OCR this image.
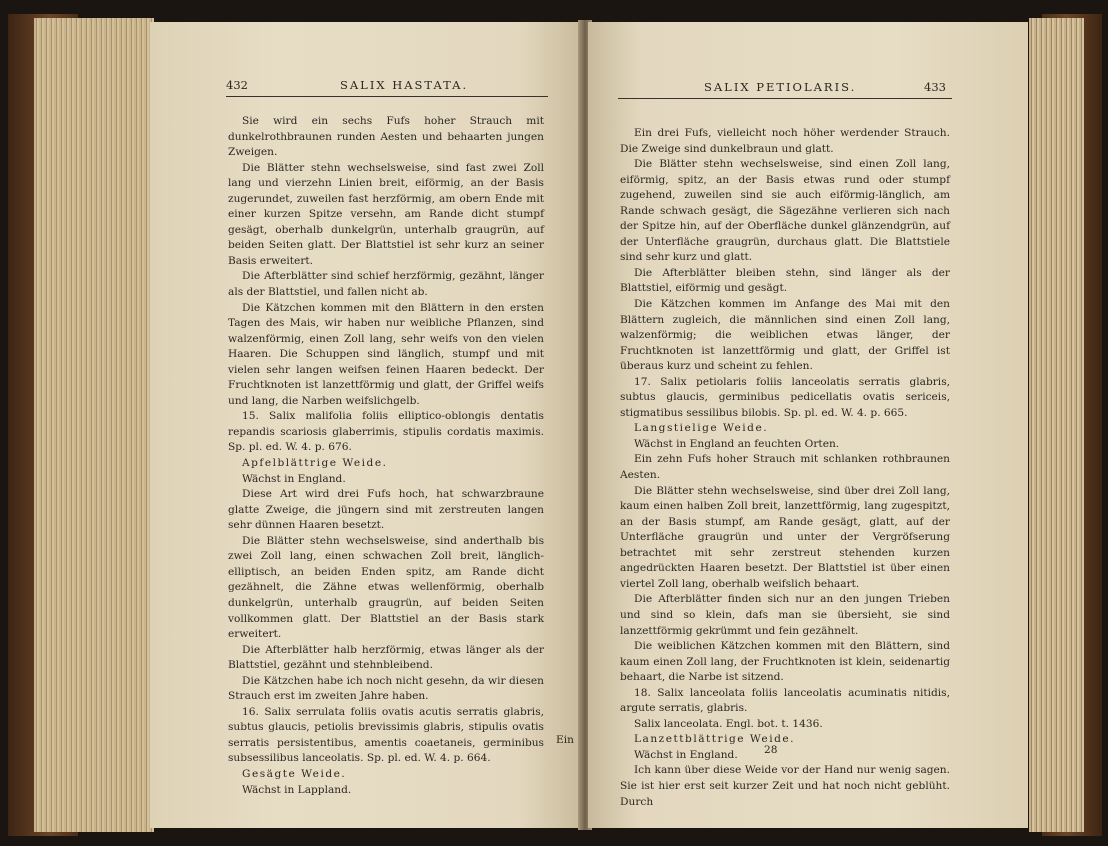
432	SALIX HASTATA.

Sie wird ein sechs Fufs hoher Strauch mit dunkelrothbraunen runden Aesten und behaarten jungen Zweigen.

Die Blätter stehn wechselsweise, sind fast zwei Zoll lang und vierzehn Linien breit, eiförmig, an der Basis zugerundet, zuweilen fast herzförmig, am obern Ende mit einer kurzen Spitze versehn, am Rande dicht stumpf gesägt, oberhalb dunkelgrün, unterhalb graugrün, auf beiden Seiten glatt. Der Blattstiel ist sehr kurz an seiner Basis erweitert.

Die Afterblätter sind schief herzförmig, gezähnt, länger als der Blattstiel, und fallen nicht ab.

Die Kätzchen kommen mit den Blättern in den ersten Tagen des Mais, wir haben nur weibliche Pflanzen, sind walzenförmig, einen Zoll lang, sehr weifs von den vielen Haaren. Die Schuppen sind länglich, stumpf und mit vielen sehr langen weifsen feinen Haaren bedeckt. Der Fruchtknoten ist lanzettförmig und glatt, der Griffel weifs und lang, die Narben weifslichgelb.

15. Salix malifolia foliis ellipticо-oblongis dentatis repandis scariosis glaberrimis, stipulis cordatis maximis. Sp. pl. ed. W. 4. p. 676.

Apfelblättrige Weide.

Wächst in England.

Diese Art wird drei Fufs hoch, hat schwarzbraune glatte Zweige, die jüngern sind mit zerstreuten langen sehr dünnen Haaren besetzt.

Die Blätter stehn wechselsweise, sind anderthalb bis zwei Zoll lang, einen schwachen Zoll breit, länglich-elliptisch, an beiden Enden spitz, am Rande dicht gezähnelt, die Zähne etwas wellenförmig, oberhalb dunkelgrün, unterhalb graugrün, auf beiden Seiten vollkommen glatt. Der Blattstiel an der Basis stark erweitert.

Die Afterblätter halb herzförmig, etwas länger als der Blattstiel, gezähnt und stehnbleibend.

Die Kätzchen habe ich noch nicht gesehn, da wir diesen Strauch erst im zweiten Jahre haben.

16. Salix serrulata foliis ovatis acutis serratis glabris, subtus glaucis, petiolis brevissimis glabris, stipulis ovatis serratis persistentibus, amentis coaetaneis, germinibus subsessilibus lanceolatis. Sp. pl. ed. W. 4. p. 664.

Gesägte Weide.

Wächst in Lappland.

Ein
SALIX PETIOLARIS.	433

Ein drei Fufs, vielleicht noch höher werdender Strauch. Die Zweige sind dunkelbraun und glatt.

Die Blätter stehn wechselsweise, sind einen Zoll lang, eiförmig, spitz, an der Basis etwas rund oder stumpf zugehend, zuweilen sind sie auch eiförmig-länglich, am Rande schwach gesägt, die Sägezähne verlieren sich nach der Spitze hin, auf der Oberfläche dunkel glänzendgrün, auf der Unterfläche graugrün, durchaus glatt. Die Blattstiele sind sehr kurz und glatt.

Die Afterblätter bleiben stehn, sind länger als der Blattstiel, eiförmig und gesägt.

Die Kätzchen kommen im Anfange des Mai mit den Blättern zugleich, die männlichen sind einen Zoll lang, walzenförmig; die weiblichen etwas länger, der Fruchtknoten ist lanzettförmig und glatt, der Griffel ist überaus kurz und scheint zu fehlen.

17. Salix petiolaris foliis lanceolatis serratis glabris, subtus glaucis, germinibus pedicellatis ovatis sericeis, stigmatibus sessilibus bilobis. Sp. pl. ed. W. 4. p. 665.

Langstielige Weide.

Wächst in England an feuchten Orten.

Ein zehn Fufs hoher Strauch mit schlanken rothbraunen Aesten.

Die Blätter stehn wechselsweise, sind über drei Zoll lang, kaum einen halben Zoll breit, lanzettförmig, lang zugespitzt, an der Basis stumpf, am Rande gesägt, glatt, auf der Unterfläche graugrün und unter der Vergröfserung betrachtet mit sehr zerstreut stehenden kurzen angedrückten Haaren besetzt. Der Blattstiel ist über einen viertel Zoll lang, oberhalb weifslich behaart.

Die Afterblätter finden sich nur an den jungen Trieben und sind so klein, dafs man sie übersieht, sie sind lanzettförmig gekrümmt und fein gezähnelt.

Die weiblichen Kätzchen kommen mit den Blättern, sind kaum einen Zoll lang, der Fruchtknoten ist klein, seidenartig behaart, die Narbe ist sitzend.

18. Salix lanceolata foliis lanceolatis acuminatis nitidis, argute serratis, glabris.

Salix lanceolata. Engl. bot. t. 1436.

Lanzettblättrige Weide.

Wächst in England.

Ich kann über diese Weide vor der Hand nur wenig sagen. Sie ist hier erst seit kurzer Zeit und hat noch nicht geblüht. Durch

28
